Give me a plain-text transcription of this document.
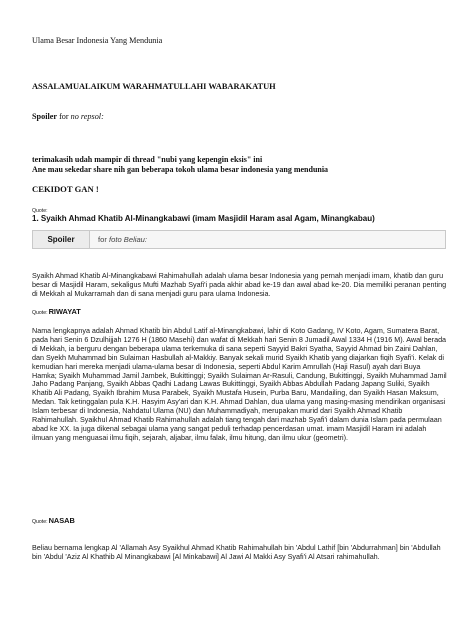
Ulama Besar Indonesia Yang Mendunia
ASSALAMUALAIKUM WARAHMATULLAHI WABARAKATUH
Spoiler for no repsol:
terimakasih udah mampir di thread "nubi yang kepengin eksis" ini
Ane mau sekedar share nih gan beberapa tokoh ulama besar indonesia yang mendunia
CEKIDOT GAN !
Quote:
1. Syaikh Ahmad Khatib Al-Minangkabawi (imam Masjidil Haram asal Agam, Minangkabau)
Spoiler	for foto Beliau:
Syaikh Ahmad Khatib Al-Minangkabawi Rahimahullah adalah ulama besar Indonesia yang pernah menjadi imam, khatib dan guru besar di Masjidil Haram, sekaligus Mufti Mazhab Syafi'i pada akhir abad ke-19 dan awal abad ke-20. Dia memiliki peranan penting di Mekkah al Mukarramah dan di sana menjadi guru para ulama Indonesia.
Quote:RIWAYAT
Nama lengkapnya adalah Ahmad Khatib bin Abdul Latif al-Minangkabawi, lahir di Koto Gadang, IV Koto, Agam, Sumatera Barat, pada hari Senin 6 Dzulhijjah 1276 H (1860 Masehi) dan wafat di Mekkah hari Senin 8 Jumadil Awal 1334 H (1916 M). Awal berada di Mekkah, ia berguru dengan beberapa ulama terkemuka di sana seperti Sayyid Bakri Syatha, Sayyid Ahmad bin Zaini Dahlan, dan Syekh Muhammad bin Sulaiman Hasbullah al-Makkiy. Banyak sekali murid Syaikh Khatib yang diajarkan fiqih Syafi'i. Kelak di kemudian hari mereka menjadi ulama-ulama besar di Indonesia, seperti Abdul Karim Amrullah (Haji Rasul) ayah dari Buya Hamka; Syaikh Muhammad Jamil Jambek, Bukittinggi; Syaikh Sulaiman Ar-Rasuli, Candung, Bukittinggi, Syaikh Muhammad Jamil Jaho Padang Panjang, Syaikh Abbas Qadhi Ladang Lawas Bukittinggi, Syaikh Abbas Abdullah Padang Japang Suliki, Syaikh Khatib Ali Padang, Syaikh Ibrahim Musa Parabek, Syaikh Mustafa Husein, Purba Baru, Mandailing, dan Syaikh Hasan Maksum, Medan. Tak ketinggalan pula K.H. Hasyim Asy'ari dan K.H. Ahmad Dahlan, dua ulama yang masing-masing mendirikan organisasi Islam terbesar di Indonesia, Nahdatul Ulama (NU) dan Muhammadiyah, merupakan murid dari Syaikh Ahmad Khatib Rahimahullah. Syaikhul Ahmad Khatib Rahimahullah adalah tiang tengah dari mazhab Syafi'i dalam dunia Islam pada permulaan abad ke XX. Ia juga dikenal sebagai ulama yang sangat peduli terhadap pencerdasan umat. imam Masjidil Haram ini adalah ilmuan yang menguasai ilmu fiqih, sejarah, aljabar, ilmu falak, ilmu hitung, dan ilmu ukur (geometri).
Quote:NASAB
Beliau bernama lengkap Al 'Allamah Asy Syaikhul Ahmad Khatib Rahimahullah bin 'Abdul Lathif [bin 'Abdurrahman] bin 'Abdullah bin 'Abdul 'Aziz Al Khathib Al Minangkabawi [Al Minkabawi] Al Jawi Al Makki Asy Syafi'i Al Atsari rahimahullah.
